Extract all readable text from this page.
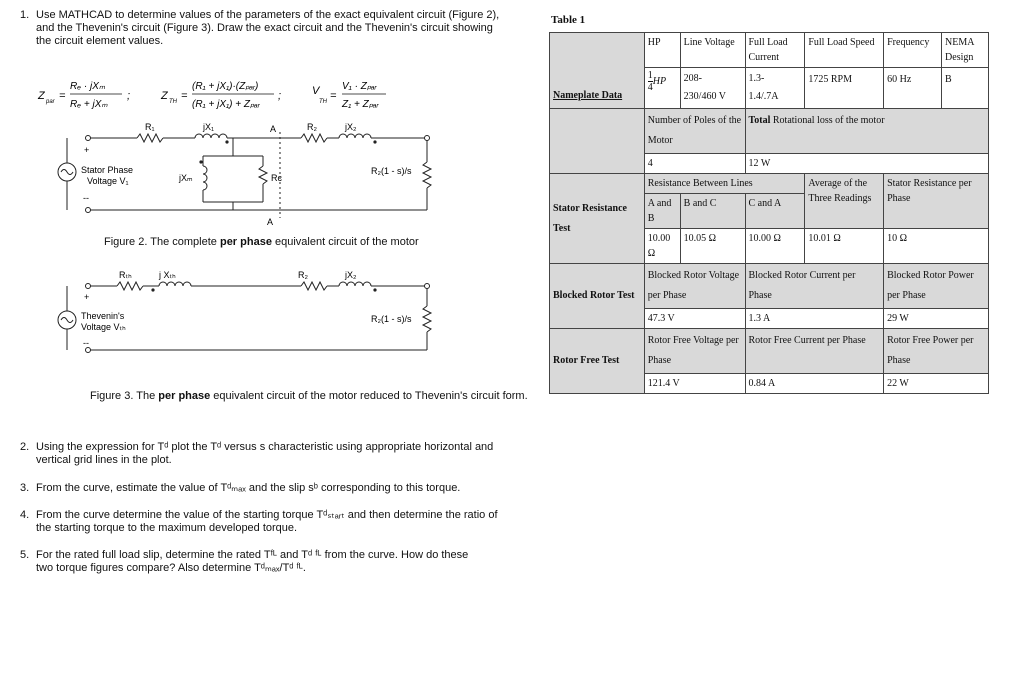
1. Use MATHCAD to determine values of the parameters of the exact equivalent circuit (Figure 2),
and the Thevenin's circuit (Figure 3). Draw the exact circuit and the Thevenin's circuit showing
the circuit element values.
Z par =
Rₑ · jXₘ
Rₑ + jXₘ
;	Z TH =
(R₁ + jX₁)·(Zₚₐᵣ)
(R₁ + jX₁) + Zₚₐᵣ
;	V
TH =
V₁ · Zₚₐᵣ
Z₁ + Zₚₐᵣ
R₁	jX₁	A	R₂	jX₂
+
--
Stator Phase
Voltage V₁	jXₘ	Rᴄ
R₂(1 - s)/s
A
Figure 2. The complete per phase equivalent circuit of the motor
Rₜₕ	j Xₜₕ	R₂	jX₂
+
--
Thevenin's
Voltage Vₜₕ
R₂(1 - s)/s
Figure 3. The per phase equivalent circuit of the motor reduced to Thevenin's circuit form.
2. Using the expression for Tᵈ plot the Tᵈ versus s characteristic using appropriate horizontal and
vertical grid lines in the plot.
3. From the curve, estimate the value of Tᵈₘₐₓ and the slip sᵇ corresponding to this torque.
4. From the curve determine the value of the starting torque Tᵈₛₜₐᵣₜ and then determine the ratio of
the starting torque to the maximum developed torque.
5. For the rated full load slip, determine the rated Tᶠᴸ and Tᵈ ᶠᴸ from the curve. How do these
two torque figures compare? Also determine Tᵈₘₐₓ/Tᵈ ᶠᴸ.
Table 1
Nameplate Data	HP	Line Voltage	Full Load Current	Full Load Speed	Frequency	NEMA Design

	$\frac{1}{4}$ HP	208-
230/460 V	1.3-
1.4/.7A	1725 RPM	60 Hz	B
	Number of Poles of the Motor		Total Rotational loss of the motor			
	4		12 W			
Stator Resistance Test	Resistance Between Lines			Average of the Three Readings	Stator Resistance per Phase	
	A and B	B and C	C and A			
	10.00 Ω	10.05 Ω	10.00 Ω	10.01 Ω	10 Ω	
Blocked Rotor Test	Blocked Rotor Voltage per Phase		Blocked Rotor Current per Phase		Blocked Rotor Power per Phase	
	47.3 V		1.3 A		29 W	
Rotor Free Test	Rotor Free Voltage per Phase		Rotor Free Current per Phase		Rotor Free Power per Phase	
	121.4 V		0.84 A		22 W	
